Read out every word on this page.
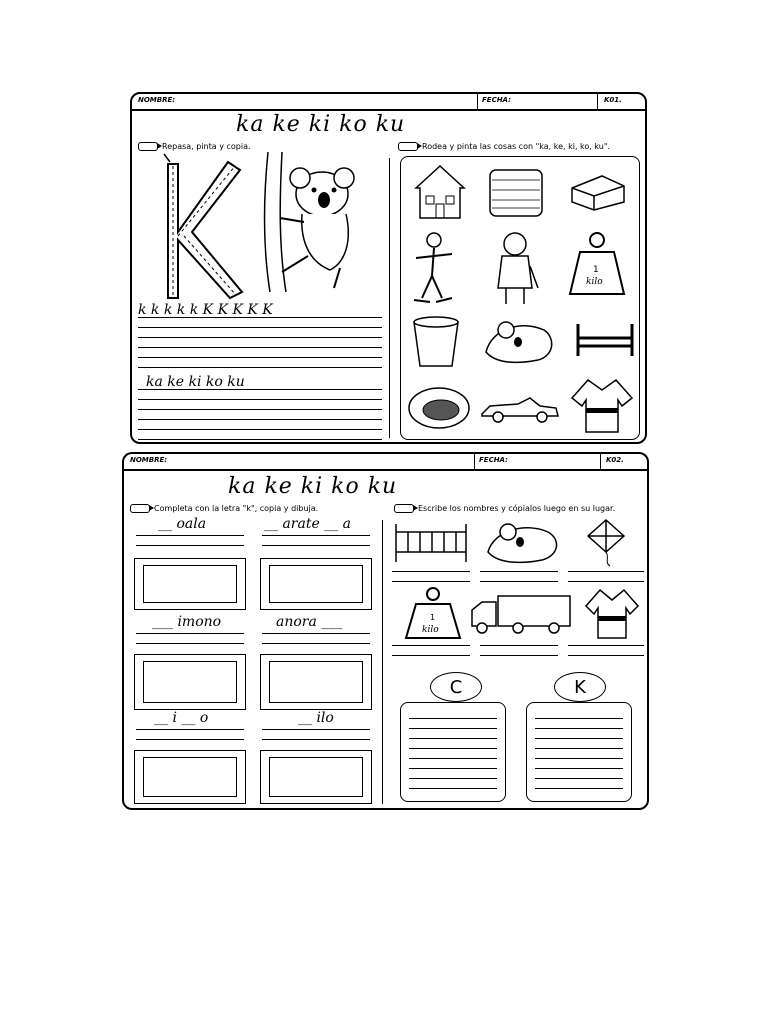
NOMBRE:	FECHA:	K01.
ka ke ki ko ku
Repasa, pinta y copia.	Rodea y pinta las cosas con "ka, ke, ki, ko, ku".
k k k k k K K K K K
ka ke ki ko ku
1
kilo
NOMBRE:	FECHA:	K02.
ka ke ki ko ku
Completa con la letra "k", copia y dibuja.	Escribe los nombres y cópialos luego en su lugar.
__ oala	__ arate __ a
___ imono	anora ___
__ i __ o	__ ilo
1
kilo
C	K
